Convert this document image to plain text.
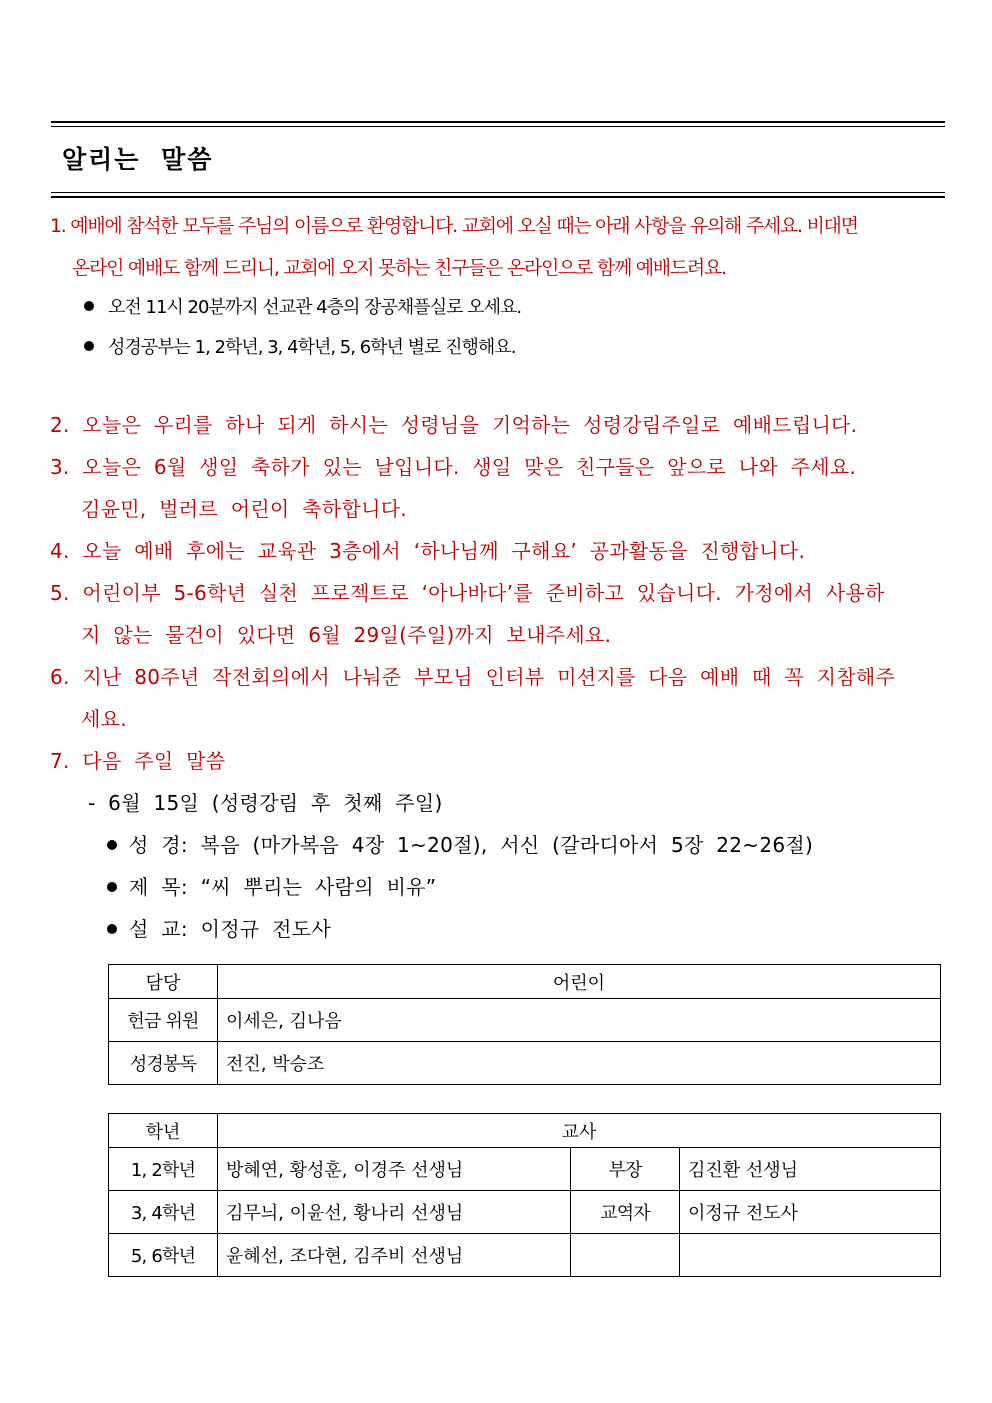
알리는 말씀
1. 예배에 참석한 모두를 주님의 이름으로 환영합니다. 교회에 오실 때는 아래 사항을 유의해 주세요. 비대면
온라인 예배도 함께 드리니, 교회에 오지 못하는 친구들은 온라인으로 함께 예배드려요.
오전 11시 20분까지 선교관 4층의 장공채플실로 오세요.
성경공부는 1, 2학년, 3, 4학년, 5, 6학년 별로 진행해요.
2. 오늘은 우리를 하나 되게 하시는 성령님을 기억하는 성령강림주일로 예배드립니다.
3. 오늘은 6월 생일 축하가 있는 날입니다. 생일 맞은 친구들은 앞으로 나와 주세요.
김윤민, 벌러르 어린이 축하합니다.
4. 오늘 예배 후에는 교육관 3층에서 ‘하나님께 구해요’ 공과활동을 진행합니다.
5. 어린이부 5-6학년 실천 프로젝트로 ‘아나바다’를 준비하고 있습니다. 가정에서 사용하
지 않는 물건이 있다면 6월 29일(주일)까지 보내주세요.
6. 지난 80주년 작전회의에서 나눠준 부모님 인터뷰 미션지를 다음 예배 때 꼭 지참해주
세요.
7. 다음 주일 말씀
- 6월 15일 (성령강림 후 첫째 주일)
성 경: 복음 (마가복음 4장 1~20절), 서신 (갈라디아서 5장 22~26절)
제 목: “씨 뿌리는 사람의 비유”
설 교: 이정규 전도사
담당	어린이
헌금 위원	이세은, 김나음
성경봉독	전진, 박승조
학년	교사		
1, 2학년	방혜연, 황성훈, 이경주 선생님	부장	김진환 선생님
3, 4학년	김무늬, 이윤선, 황나리 선생님	교역자	이정규 전도사
5, 6학년	윤혜선, 조다현, 김주비 선생님		
